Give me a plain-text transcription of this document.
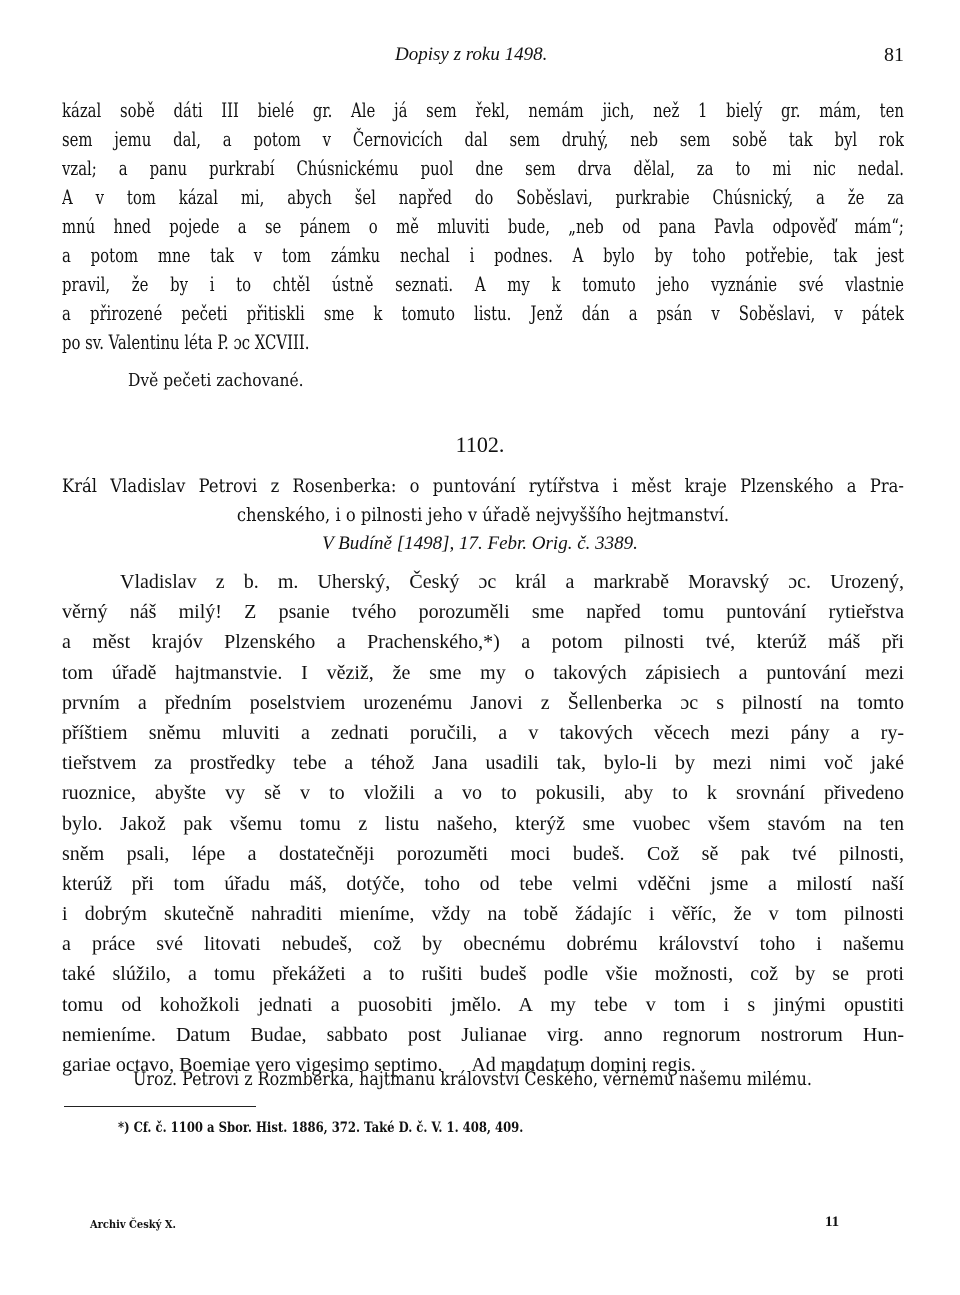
Dopisy z roku 1498.	81
kázal sobě dáti III bielé gr. Ale já sem řekl, nemám jich, než 1 bielý gr. mám, ten
sem jemu dal, a potom v Černovicích dal sem druhý, neb sem sobě tak byl rok
vzal; a panu purkrabí Chúsnickému puol dne sem drva dělal, za to mi nic nedal.
A v tom kázal mi, abych šel napřed do Soběslavi, purkrabie Chúsnický, a že za
mnú hned pojede a se pánem o mě mluviti bude, „neb od pana Pavla odpověď mám“;
a potom mne tak v tom zámku nechal i podnes. A bylo by toho potřebie, tak jest
pravil, že by i to chtěl ústně seznati. A my k tomuto jeho vyznánie své vlastnie
a přirozené pečeti přitiskli sme k tomuto listu. Jenž dán a psán v Soběslavi, v pátek
po sv. Valentinu léta P. ɔc XCVIII.
Dvě pečeti zachované.
1102.
Král Vladislav Petrovi z Rosenberka: o puntování rytířstva i měst kraje Plzenského a Pra-
chenského, i o pilnosti jeho v úřadě nejvyššího hejtmanství.
V Budíně [1498], 17. Febr. Orig. č. 3389.
Vladislav z b. m. Uherský, Český ɔc král a markrabě Moravský ɔc. Urozený,
věrný náš milý! Z psanie tvého porozuměli sme napřed tomu puntování rytieřstva
a měst krajóv Plzenského a Prachenského,*) a potom pilnosti tvé, kterúž máš při
tom úřadě hajtmanstvie. I věziž, že sme my o takových zápisiech a puntování mezi
prvním a předním poselstviem urozenému Janovi z Šellenberka ɔc s pilností na tomto
příštiem sněmu mluviti a zednati poručili, a v takových věcech mezi pány a ry-
tieřstvem za prostředky tebe a téhož Jana usadili tak, bylo-li by mezi nimi voč jaké
ruoznice, abyšte vy sě v to vložili a vo to pokusili, aby to k srovnání přivedeno
bylo. Jakož pak všemu tomu z listu našeho, kterýž sme vuobec všem stavóm na ten
sněm psali, lépe a dostatečněji porozuměti moci budeš. Což sě pak tvé pilnosti,
kterúž při tom úřadu máš, dotýče, toho od tebe velmi vděčni jsme a milostí naší
i dobrým skutečně nahraditi mieníme, vždy na tobě žádajíc i věříc, že v tom pilnosti
a práce své litovati nebudeš, což by obecnému dobrému království toho i našemu
také slúžilo, a tomu překážeti a to rušiti budeš podle všie možnosti, což by se proti
tomu od kohožkoli jednati a puosobiti jmělo. A my tebe v tom i s jinými opustiti
nemieníme. Datum Budae, sabbato post Julianae virg. anno regnorum nostrorum Hun-
gariae octavo, Boemiae vero vigesimo septimo.      Ad mandatum domini regis.
Uroz. Petrovi z Rozmberka, hajtmanu království Českého, věrnému našemu milému.
*) Cf. č. 1100 a Sbor. Hist. 1886, 372. Také D. č. V. 1. 408, 409.
Archiv Český X.	11
